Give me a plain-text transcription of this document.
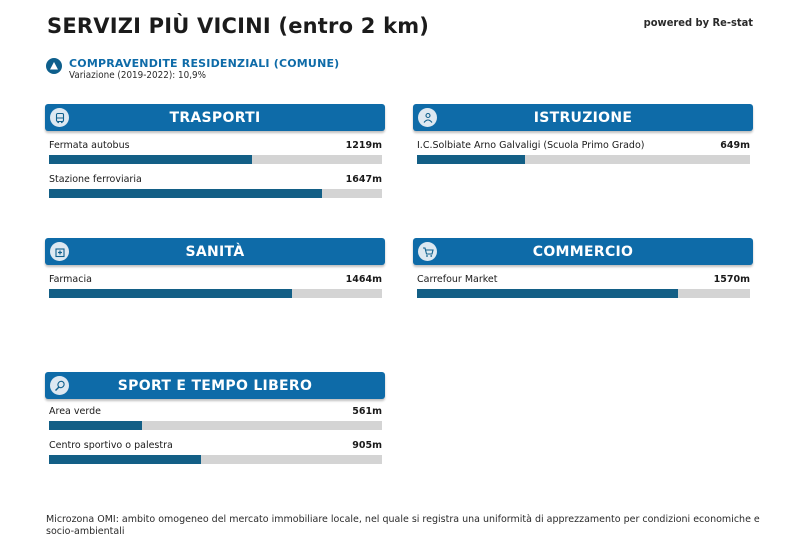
SERVIZI PIÙ VICINI (entro 2 km)	powered by Re-stat
COMPRAVENDITE RESIDENZIALI (COMUNE)
Variazione (2019-2022): 10,9%
TRASPORTI
Fermata autobus	1219m
Stazione ferroviaria	1647m
ISTRUZIONE
I.C.Solbiate Arno Galvaligi (Scuola Primo Grado)	649m
SANITÀ
Farmacia	1464m
COMMERCIO
Carrefour Market	1570m
SPORT E TEMPO LIBERO
Area verde	561m
Centro sportivo o palestra	905m
Microzona OMI: ambito omogeneo del mercato immobiliare locale, nel quale si registra una uniformità di apprezzamento per condizioni economiche e socio-ambientali
